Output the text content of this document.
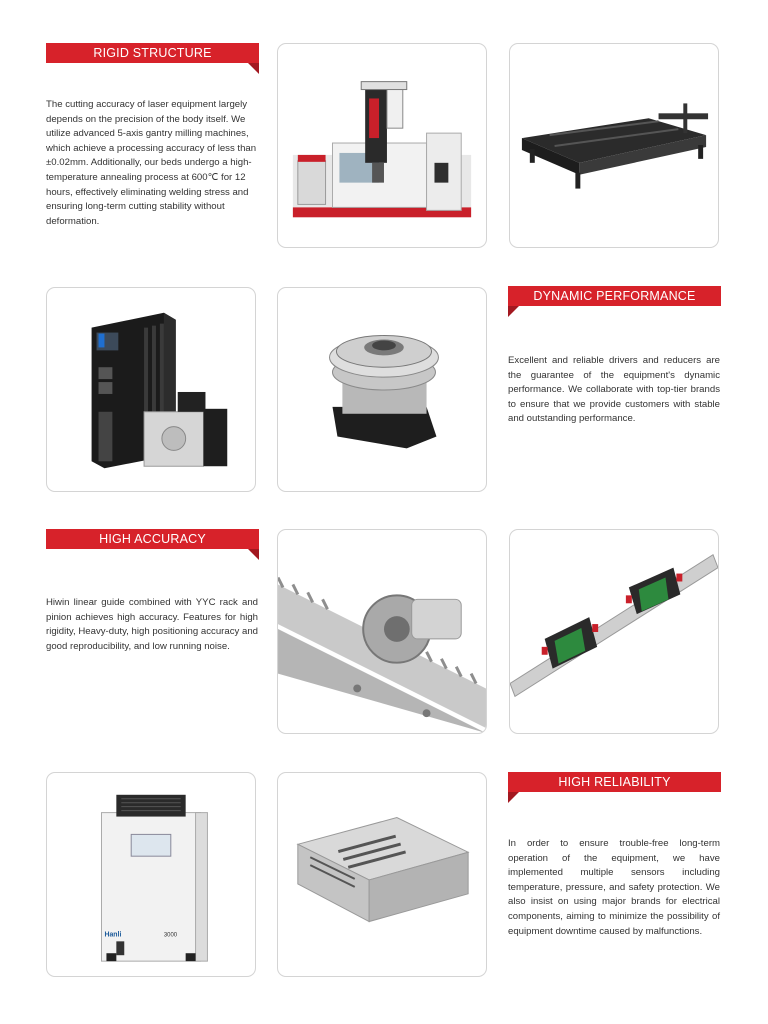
RIGID STRUCTURE

The cutting accuracy of laser equipment largely depends on the precision of the body itself. We utilize advanced 5-axis gantry milling machines, which achieve a processing accuracy of less than ±0.02mm. Additionally, our beds undergo a high-temperature annealing process at 600℃ for 12 hours, effectively eliminating welding stress and ensuring long-term cutting stability without deformation.

DYNAMIC PERFORMANCE

Excellent and reliable drivers and reducers are the guarantee of the equipment's dynamic performance. We collaborate with top-tier brands to ensure that we provide customers with stable and outstanding performance.

HIGH ACCURACY

Hiwin linear guide combined with YYC rack and pinion achieves high accuracy. Features for high rigidity, Heavy-duty, high positioning accuracy and good reproducibility, and low running noise.

Hanli	3000
HIGH RELIABILITY

In order to ensure trouble-free long-term operation of the equipment, we have implemented multiple sensors including temperature, pressure, and safety protection. We also insist on using major brands for electrical components, aiming to minimize the possibility of equipment downtime caused by malfunctions.
